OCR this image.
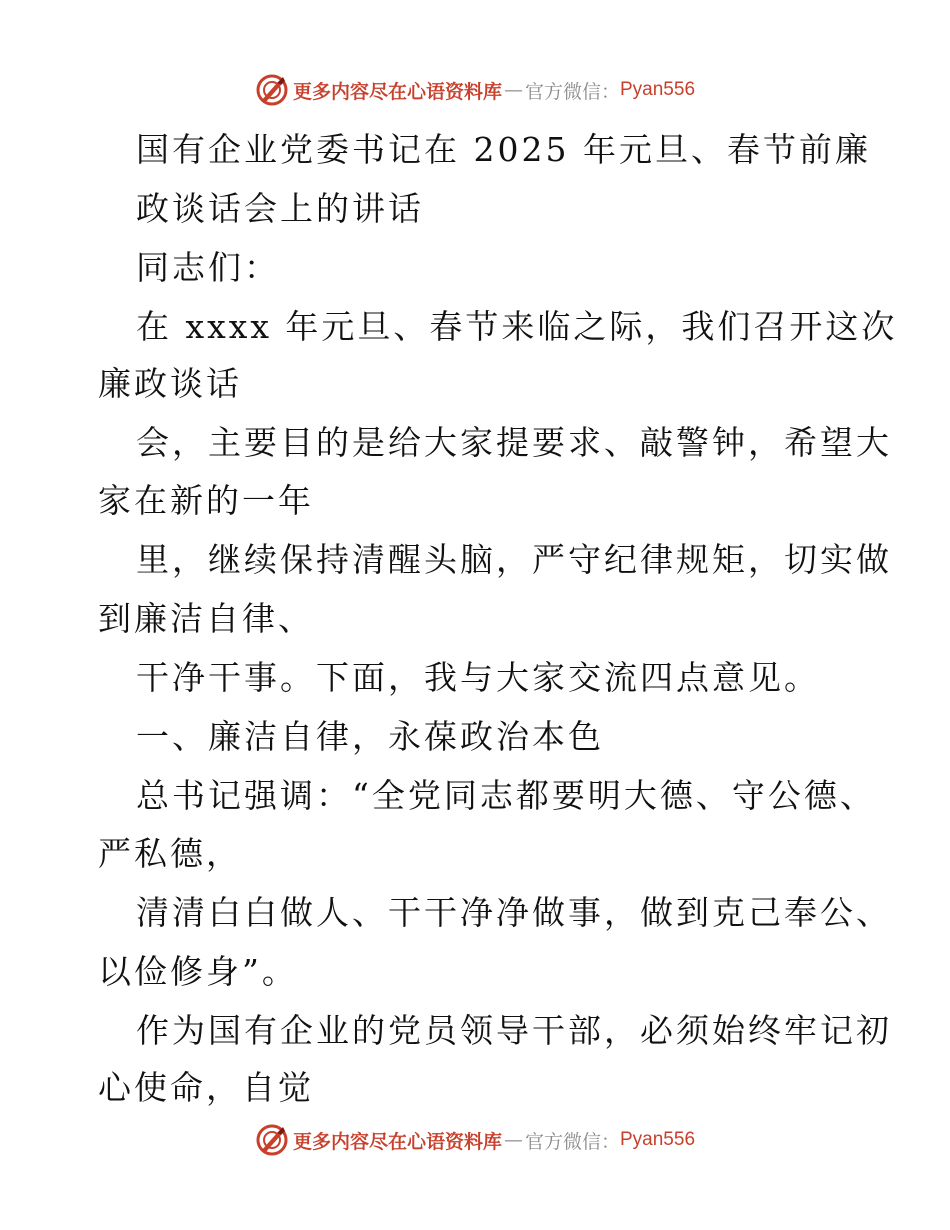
更多内容尽在心语资料库 — 官方微信： Pyan556
国有企业党委书记在 2025 年元旦、春节前廉
政谈话会上的讲话
同志们：
在 xxxx 年元旦、春节来临之际，我们召开这次
廉政谈话
会，主要目的是给大家提要求、敲警钟，希望大
家在新的一年
里，继续保持清醒头脑，严守纪律规矩，切实做
到廉洁自律、
干净干事。下面，我与大家交流四点意见。
一、廉洁自律，永葆政治本色
总书记强调：“全党同志都要明大德、守公德、
严私德，
清清白白做人、干干净净做事，做到克己奉公、
以俭修身”。
作为国有企业的党员领导干部，必须始终牢记初
心使命，自觉
更多内容尽在心语资料库 — 官方微信： Pyan556
